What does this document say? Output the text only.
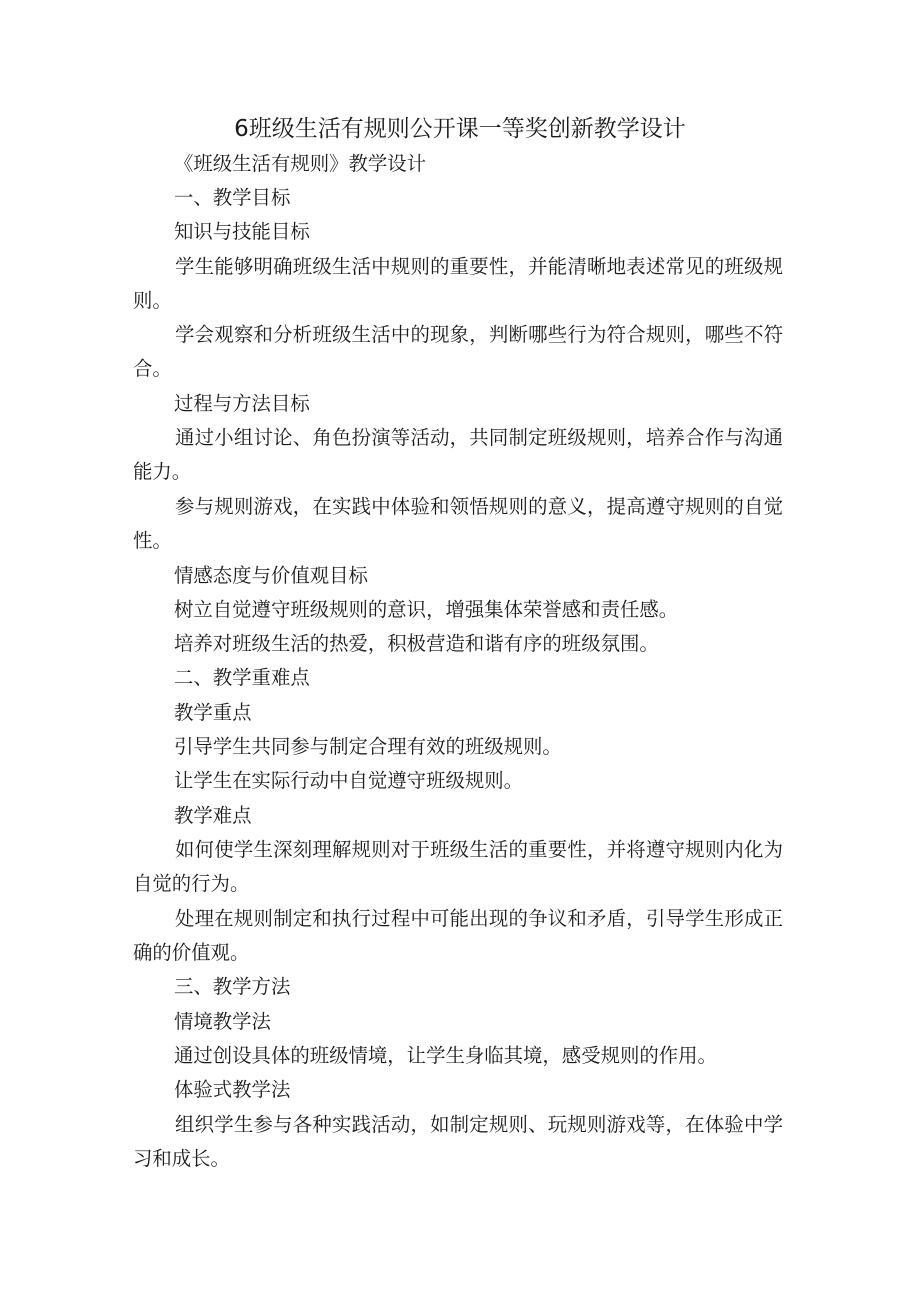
6班级生活有规则公开课一等奖创新教学设计
《班级生活有规则》教学设计
一、教学目标
知识与技能目标
学生能够明确班级生活中规则的重要性，并能清晰地表述常见的班级规则。
学会观察和分析班级生活中的现象，判断哪些行为符合规则，哪些不符合。
过程与方法目标
通过小组讨论、角色扮演等活动，共同制定班级规则，培养合作与沟通能力。
参与规则游戏，在实践中体验和领悟规则的意义，提高遵守规则的自觉性。
情感态度与价值观目标
树立自觉遵守班级规则的意识，增强集体荣誉感和责任感。
培养对班级生活的热爱，积极营造和谐有序的班级氛围。
二、教学重难点
教学重点
引导学生共同参与制定合理有效的班级规则。
让学生在实际行动中自觉遵守班级规则。
教学难点
如何使学生深刻理解规则对于班级生活的重要性，并将遵守规则内化为自觉的行为。
处理在规则制定和执行过程中可能出现的争议和矛盾，引导学生形成正确的价值观。
三、教学方法
情境教学法
通过创设具体的班级情境，让学生身临其境，感受规则的作用。
体验式教学法
组织学生参与各种实践活动，如制定规则、玩规则游戏等，在体验中学习和成长。
